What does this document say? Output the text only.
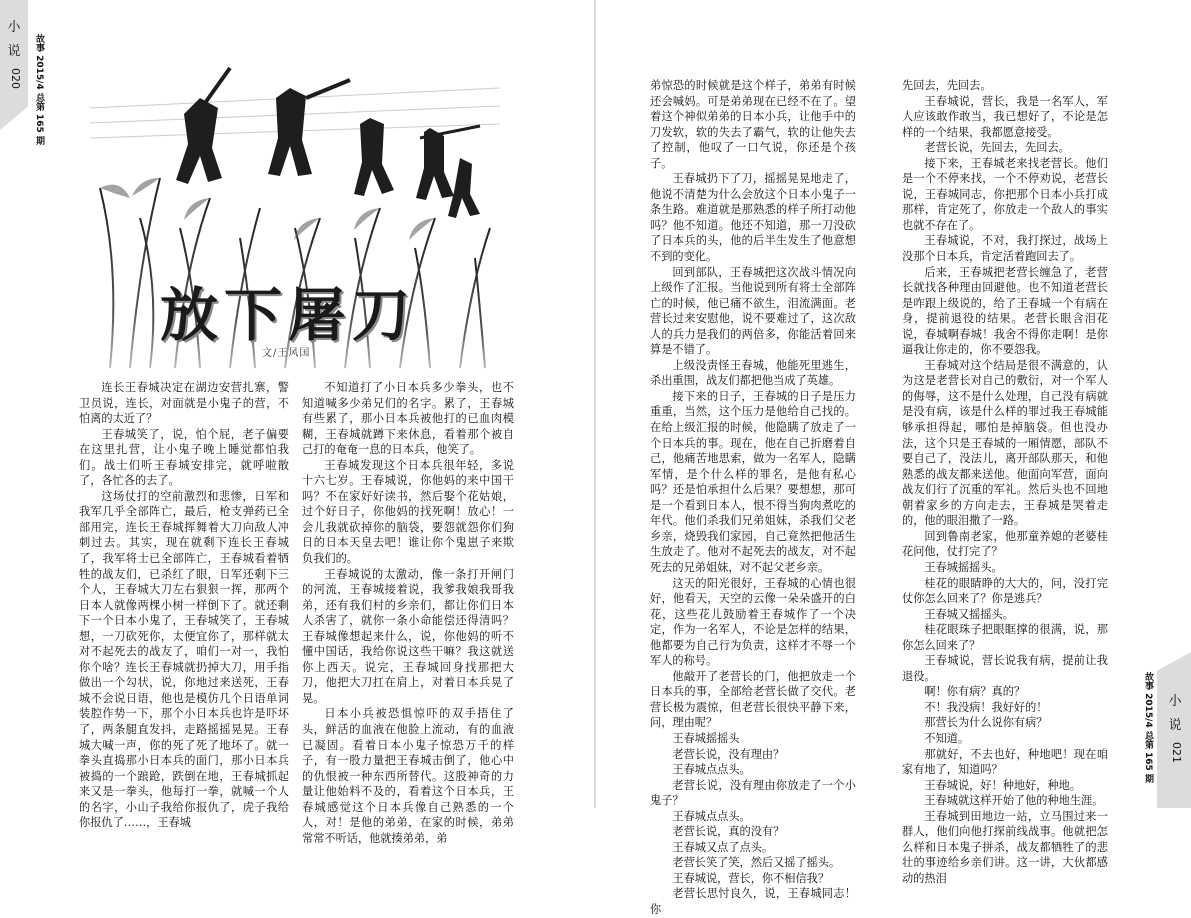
小 说
020	故事 2015/4 总第 165 期
放下屠刀
文/王风国

连长王春城决定在湖边安营扎寨，警卫员说，连长，对面就是小鬼子的营，不怕离的太近了？

王春城笑了，说，怕个屁，老子偏要在这里扎营，让小鬼子晚上睡觉都怕我们。战士们听王春城安排完，就呼啦散了，各忙各的去了。

这场仗打的空前激烈和悲惨，日军和我军几乎全部阵亡，最后，枪支弹药已全部用完，连长王春城挥舞着大刀向敌人冲刺过去。其实，现在就剩下连长王春城了，我军将士已全部阵亡，王春城看着牺牲的战友们，已杀红了眼，日军还剩下三个人，王春城大刀左右狠狠一挥，那两个日本人就像两棵小树一样倒下了。就还剩下一个日本小鬼了，王春城笑了，王春城想，一刀砍死你，太便宜你了，那样就太对不起死去的战友了，咱们一对一，我怕你个啥？连长王春城就扔掉大刀，用手指做出一个勾状，说，你地过来送死，王春城不会说日语，他也是模仿几个日语单词装腔作势一下，那个小日本兵也许是吓坏了，两条腿直发抖，走路摇摇晃晃。王春城大喊一声，你的死了死了地坏了。就一拳头直捣那小日本兵的面门，那小日本兵被捣的一个踉跄，跌倒在地，王春城抓起来又是一拳头，他每打一拳，就喊一个人的名字，小山子我给你报仇了，虎子我给你报仇了……，王春城

不知道打了小日本兵多少拳头，也不知道喊多少弟兄们的名字。累了，王春城有些累了，那小日本兵被他打的已血肉模糊，王春城就蹲下来休息，看着那个被自己打的奄奄一息的日本兵，他笑了。

王春城发现这个日本兵很年轻，多说十六七岁。王春城说，你他妈的来中国干吗？不在家好好读书，然后娶个花姑娘，过个好日子，你他妈的找死啊！放心！一会儿我就砍掉你的脑袋，要怨就怨你们狗日的日本天皇去吧！谁让你个鬼崽子来欺负我们的。

王春城说的太激动，像一条打开闸门的河流，王春城接着说，我爹我娘我哥我弟，还有我们村的乡亲们，都让你们日本人杀害了，就你一条小命能偿还得清吗？王春城像想起来什么，说，你他妈的听不懂中国话，我给你说这些干嘛？我这就送你上西天。说完，王春城回身找那把大刀，他把大刀扛在肩上，对着日本兵晃了晃。

日本小兵被恐惧惊吓的双手捂住了头，鲜活的血液在他脸上流动，有的血液已凝固。看着日本小鬼子惊恐万千的样子，有一股力量把王春城击倒了，他心中的仇恨被一种东西所替代。这股神奇的力量让他始料不及的，看着这个日本兵，王春城感觉这个日本兵像自己熟悉的一个人，对！是他的弟弟，在家的时候，弟弟常常不听话，他就揍弟弟，弟

弟惊恐的时候就是这个样子，弟弟有时候还会喊妈。可是弟弟现在已经不在了。望着这个神似弟弟的日本小兵，让他手中的刀发软，软的失去了霸气，软的让他失去了控制，他叹了一口气说，你还是个孩子。

王春城扔下了刀，摇摇晃晃地走了，他说不清楚为什么会放这个日本小鬼子一条生路。难道就是那熟悉的样子所打动他吗？他不知道。他还不知道，那一刀没砍了日本兵的头，他的后半生发生了他意想不到的变化。

回到部队，王春城把这次战斗情况向上级作了汇报。当他说到所有将士全部阵亡的时候，他已痛不欲生，泪流满面。老营长过来安慰他，说不要难过了，这次敌人的兵力是我们的两倍多，你能活着回来算是不错了。

上级没责怪王春城，他能死里逃生，杀出重围，战友们都把他当成了英雄。

接下来的日子，王春城的日子是压力重重，当然，这个压力是他给自己找的。在给上级汇报的时候，他隐瞒了放走了一个日本兵的事。现在，他在自己折磨着自己，他痛苦地思索，做为一名军人，隐瞒军情，是个什么样的罪名，是他有私心吗？还是怕承担什么后果？要想想，那可是一个看到日本人，恨不得当狗肉煮吃的年代。他们杀我们兄弟姐妹，杀我们父老乡亲，烧毁我们家园，自己竟然把他活生生放走了。他对不起死去的战友，对不起死去的兄弟姐妹，对不起父老乡亲。

这天的阳光很好，王春城的心情也很好，他看天，天空的云像一朵朵盛开的白花，这些花儿鼓励着王春城作了一个决定，作为一名军人，不论是怎样的结果，他都要为自己行为负责，这样才不辱一个军人的称号。

他敲开了老营长的门，他把放走一个日本兵的事，全部给老营长做了交代。老营长极为震惊，但老营长很快平静下来，问，理由呢？

王春城摇摇头

老营长说，没有理由？

王春城点点头。

老营长说，没有理由你放走了一个小鬼子？

王春城点点头。

老营长说，真的没有？

王春城又点了点头。

老营长笑了笑，然后又摇了摇头。

王春城说，营长，你不相信我？

老营长思忖良久，说，王春城同志！你

先回去，先回去。

王春城说，营长，我是一名军人，军人应该敢作敢当，我已想好了，不论是怎样的一个结果，我都愿意接受。

老营长说，先回去，先回去。

接下来，王春城老来找老营长。他们是一个不停来找，一个不停劝说，老营长说，王春城同志，你把那个日本小兵打成那样，肯定死了，你放走一个敌人的事实也就不存在了。

王春城说，不对，我打探过，战场上没那个日本兵，肯定活着跑回去了。

后来，王春城把老营长缠急了，老营长就找各种理由回避他。也不知道老营长是咋跟上级说的，给了王春城一个有病在身，提前退役的结果。老营长眼含泪花说，春城啊春城！我舍不得你走啊！是你逼我让你走的，你不要怨我。

王春城对这个结局是很不满意的，认为这是老营长对自己的敷衍，对一个军人的侮辱，这不是什么处理，自己没有病就是没有病，该是什么样的罪过我王春城能够承担得起，哪怕是掉脑袋。但也没办法，这个只是王春城的一厢情愿，部队不要自己了，没法儿，离开部队那天，和他熟悉的战友都来送他。他面向军营，面向战友们行了沉重的军礼。然后头也不回地朝着家乡的方向走去，王春城是哭着走的，他的眼泪撒了一路。

回到鲁南老家，他那童养媳的老婆桂花问他，仗打完了？

王春城摇摇头。

桂花的眼睛睁的大大的，问，没打完仗你怎么回来了？你是逃兵？

王春城又摇摇头。

桂花眼珠子把眼眶撑的很满，说，那你怎么回来了？

王春城说，营长说我有病，提前让我退役。

啊！你有病？真的？

不！我没病！我好好的！

那营长为什么说你有病？

不知道。

那就好，不去也好，种地吧！现在咱家有地了，知道吗？

王春城说，好！种地好，种地。

王春城就这样开始了他的种地生涯。

王春城到田地边一站，立马围过来一群人，他们向他打探前线战事。他就把怎么样和日本鬼子拼杀，战友都牺牲了的悲壮的事迹给乡亲们讲。这一讲，大伙都感动的热泪

小 说
021
故事 2015/4 总第 165 期
